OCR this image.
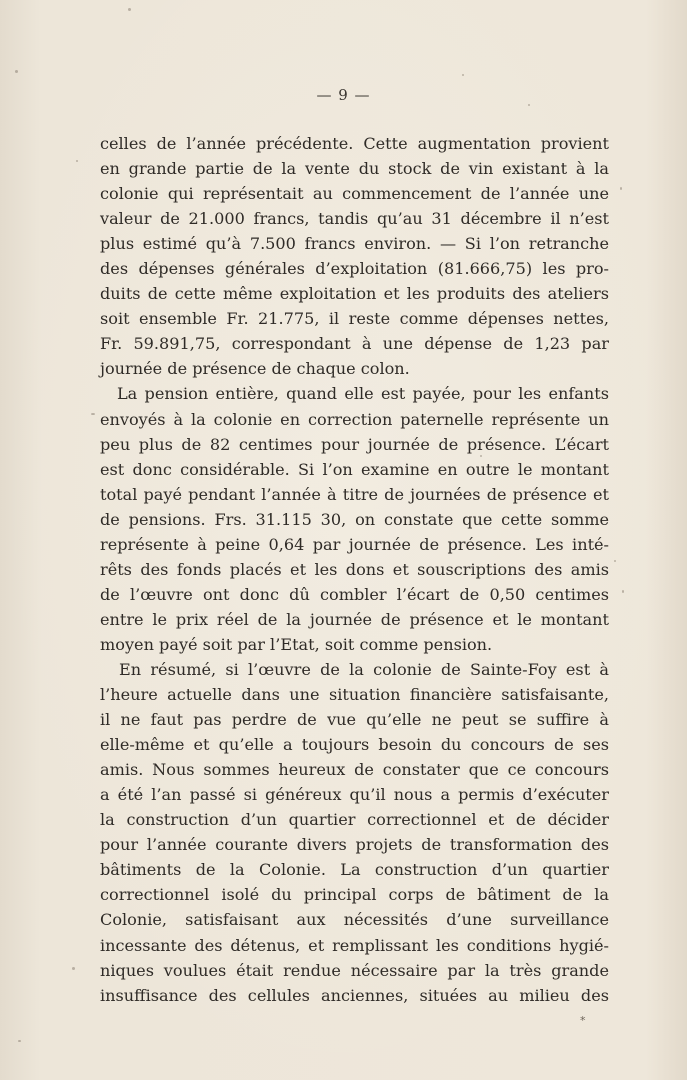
— 9 —
celles de l’année précédente. Cette augmentation provient
en grande partie de la vente du stock de vin existant à la
colonie qui représentait au commencement de l’année une
valeur de 21.000 francs, tandis qu’au 31 décembre il n’est
plus estimé qu’à 7.500 francs environ. — Si l’on retranche
des dépenses générales d’exploitation (81.666,75) les pro-
duits de cette même exploitation et les produits des ateliers
soit ensemble Fr. 21.775, il reste comme dépenses nettes,
Fr. 59.891,75, correspondant à une dépense de 1,23 par
journée de présence de chaque colon.
La pension entière, quand elle est payée, pour les enfants
envoyés à la colonie en correction paternelle représente un
peu plus de 82 centimes pour journée de présence. L’écart
est donc considérable. Si l’on examine en outre le montant
total payé pendant l’année à titre de journées de présence et
de pensions. Frs. 31.115 30, on constate que cette somme
représente à peine 0,64 par journée de présence. Les inté-
rêts des fonds placés et les dons et souscriptions des amis
de l’œuvre ont donc dû combler l’écart de 0,50 centimes
entre le prix réel de la journée de présence et le montant
moyen payé soit par l’Etat, soit comme pension.
En résumé, si l’œuvre de la colonie de Sainte-Foy est à
l’heure actuelle dans une situation financière satisfaisante,
il ne faut pas perdre de vue qu’elle ne peut se suffire à
elle-même et qu’elle a toujours besoin du concours de ses
amis. Nous sommes heureux de constater que ce concours
a été l’an passé si généreux qu’il nous a permis d’exécuter
la construction d’un quartier correctionnel et de décider
pour l’année courante divers projets de transformation des
bâtiments de la Colonie. La construction d’un quartier
correctionnel isolé du principal corps de bâtiment de la
Colonie, satisfaisant aux nécessités d’une surveillance
incessante des détenus, et remplissant les conditions hygié-
niques voulues était rendue nécessaire par la très grande
insuffisance des cellules anciennes, situées au milieu des
*
